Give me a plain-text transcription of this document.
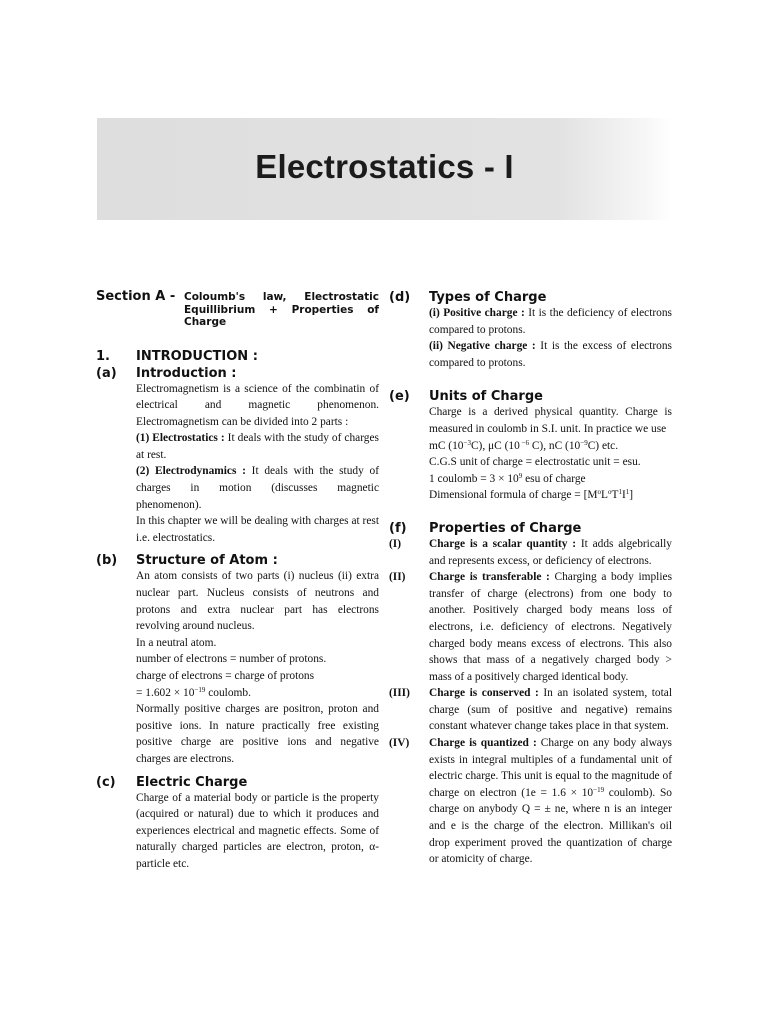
Electrostatics - I
Section A - Coloumb's law, Electrostatic Equillibrium + Properties of Charge
1.	INTRODUCTION :
(a)	Introduction :

Electromagnetism is a science of the combinatin of electrical and magnetic phenomenon. Electromagnetism can be divided into 2 parts :

(1) Electrostatics : It deals with the study of charges at rest.

(2) Electrodynamics : It deals with the study of charges in motion (discusses magnetic phenomenon).

In this chapter we will be dealing with charges at rest i.e. electrostatics.

(b)	Structure of Atom :

An atom consists of two parts (i) nucleus (ii) extra nuclear part. Nucleus consists of neutrons and protons and extra nuclear part has electrons revolving around nucleus.

In a neutral atom.

number of electrons = number of protons.

charge of electrons = charge of protons

= $1.602 \times 10^{-19}$ coulomb.

Normally positive charges are positron, proton and positive ions. In nature practically free existing positive charge are positive ions and negative charges are electrons.

(c)	Electric Charge

Charge of a material body or particle is the property (acquired or natural) due to which it produces and experiences electrical and magnetic effects. Some of naturally charged particles are electron, proton, α-particle etc.

(d)	Types of Charge

(i) Positive charge : It is the deficiency of electrons compared to protons.

(ii) Negative charge : It is the excess of electrons compared to protons.

(e)	Units of Charge

Charge is a derived physical quantity. Charge is measured in coulomb in S.I. unit. In practice we use

mC $(10^{-3}C)$, μC (10 $^{-6}$ C), nC $(10^{-9}C)$ etc.

C.G.S unit of charge = electrostatic unit = esu.

1 coulomb = $3 \times 10^9$ esu of charge

Dimensional formula of charge = $[M^oL^oT^1I^1]$

(f)	Properties of Charge
(I)	Charge is a scalar quantity : It adds algebrically and represents excess, or deficiency of electrons.
(II)	Charge is transferable : Charging a body implies transfer of charge (electrons) from one body to another. Positively charged body means loss of electrons, i.e. deficiency of electrons. Negatively charged body means excess of electrons. This also shows that mass of a negatively charged body > mass of a positively charged identical body.
(III)	Charge is conserved : In an isolated system, total charge (sum of positive and negative) remains constant whatever change takes place in that system.
(IV)	Charge is quantized : Charge on any body always exists in integral multiples of a fundamental unit of electric charge. This unit is equal to the magnitude of charge on electron ($1e = 1.6 \times 10^{-19}$ coulomb). So charge on anybody Q = ± ne, where n is an integer and e is the charge of the electron. Millikan's oil drop experiment proved the quantization of charge or atomicity of charge.
